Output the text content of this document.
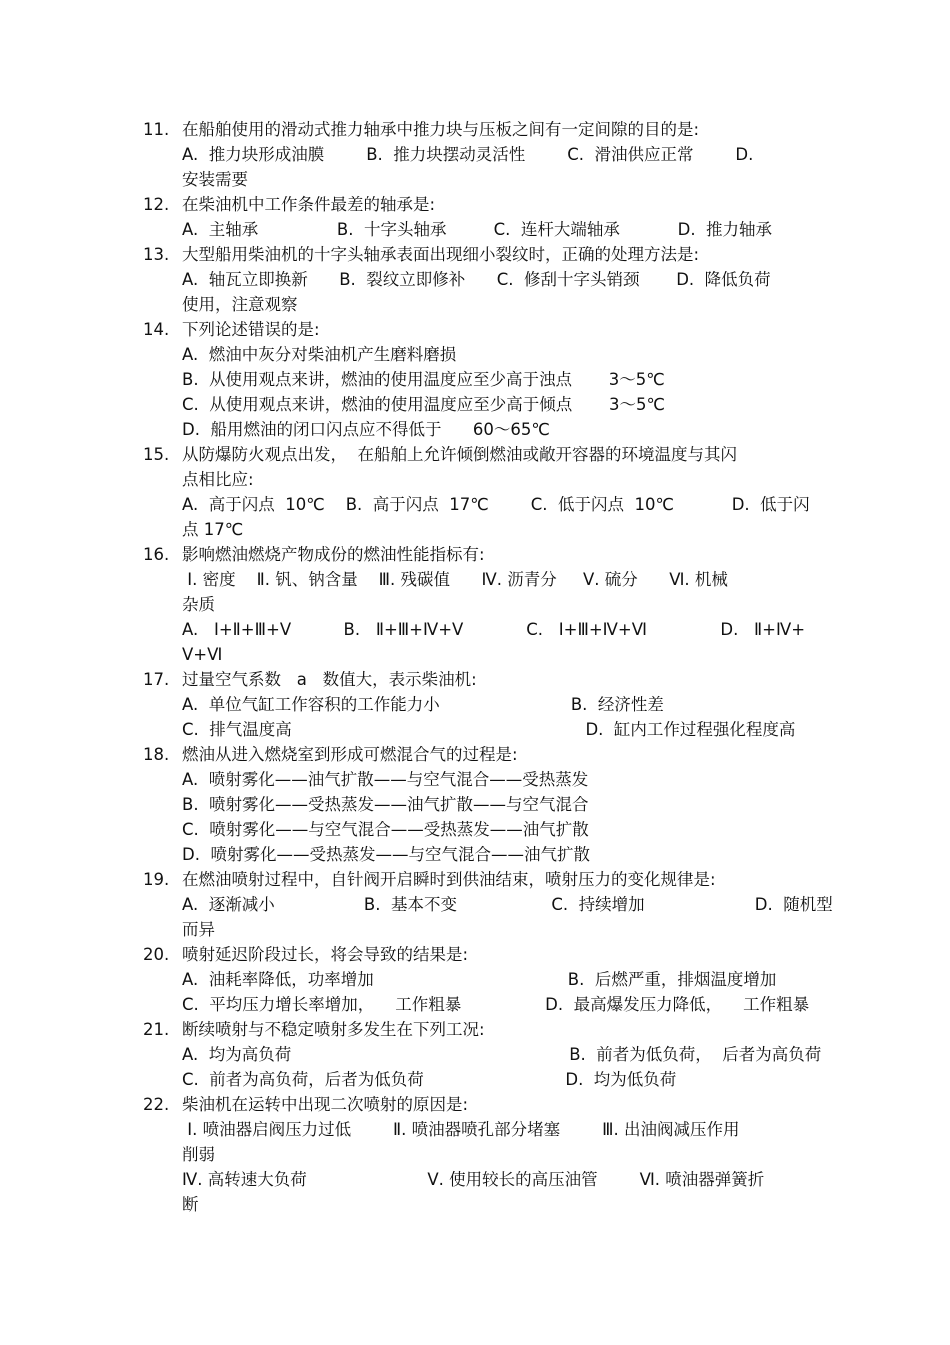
11. 在船舶使用的滑动式推力轴承中推力块与压板之间有一定间隙的目的是:
A.  推力块形成油膜        B.  推力块摆动灵活性        C.  滑油供应正常        D.
安装需要
12. 在柴油机中工作条件最差的轴承是:
A.  主轴承               B.  十字头轴承         C.  连杆大端轴承           D.  推力轴承
13. 大型船用柴油机的十字头轴承表面出现细小裂纹时，正确的处理方法是:
A.  轴瓦立即换新      B.  裂纹立即修补      C.  修刮十字头销颈       D.  降低负荷
使用，注意观察
14. 下列论述错误的是:
A.  燃油中灰分对柴油机产生磨料磨损
B.  从使用观点来讲，燃油的使用温度应至少高于浊点       3～5℃
C.  从使用观点来讲，燃油的使用温度应至少高于倾点       3～5℃
D.  船用燃油的闭口闪点应不得低于      60～65℃
15. 从防爆防火观点出发，  在船舶上允许倾倒燃油或敞开容器的环境温度与其闪
点相比应:
A.  高于闪点  10℃    B.  高于闪点  17℃        C.  低于闪点  10℃           D.  低于闪
点 17℃
16. 影响燃油燃烧产物成份的燃油性能指标有:
Ⅰ. 密度    Ⅱ. 钒、钠含量    Ⅲ. 残碳值      Ⅳ. 沥青分     Ⅴ. 硫分      Ⅵ. 机械
杂质
A.   Ⅰ+Ⅱ+Ⅲ+Ⅴ          B.   Ⅱ+Ⅲ+Ⅳ+Ⅴ            C.   Ⅰ+Ⅲ+Ⅳ+Ⅵ              D.   Ⅱ+Ⅳ+
Ⅴ+Ⅵ
17. 过量空气系数   a   数值大，表示柴油机:
A.  单位气缸工作容积的工作能力小                         B.  经济性差
C.  排气温度高                                                        D.  缸内工作过程强化程度高
18. 燃油从进入燃烧室到形成可燃混合气的过程是:
A.  喷射雾化——油气扩散——与空气混合——受热蒸发
B.  喷射雾化——受热蒸发——油气扩散——与空气混合
C.  喷射雾化——与空气混合——受热蒸发——油气扩散
D.  喷射雾化——受热蒸发——与空气混合——油气扩散
19. 在燃油喷射过程中，自针阀开启瞬时到供油结束，喷射压力的变化规律是:
A.  逐渐减小                 B.  基本不变                  C.  持续增加                     D.  随机型
而异
20. 喷射延迟阶段过长，将会导致的结果是:
A.  油耗率降低，功率增加                                     B.  后燃严重，排烟温度增加
C.  平均压力增长率增加，    工作粗暴                D.  最高爆发压力降低，    工作粗暴
21. 断续喷射与不稳定喷射多发生在下列工况:
A.  均为高负荷                                                     B.  前者为低负荷，  后者为高负荷
C.  前者为高负荷，后者为低负荷                           D.  均为低负荷
22. 柴油机在运转中出现二次喷射的原因是:
Ⅰ. 喷油器启阀压力过低        Ⅱ. 喷油器喷孔部分堵塞        Ⅲ. 出油阀减压作用
削弱
Ⅳ. 高转速大负荷                       Ⅴ. 使用较长的高压油管        Ⅵ. 喷油器弹簧折
断
